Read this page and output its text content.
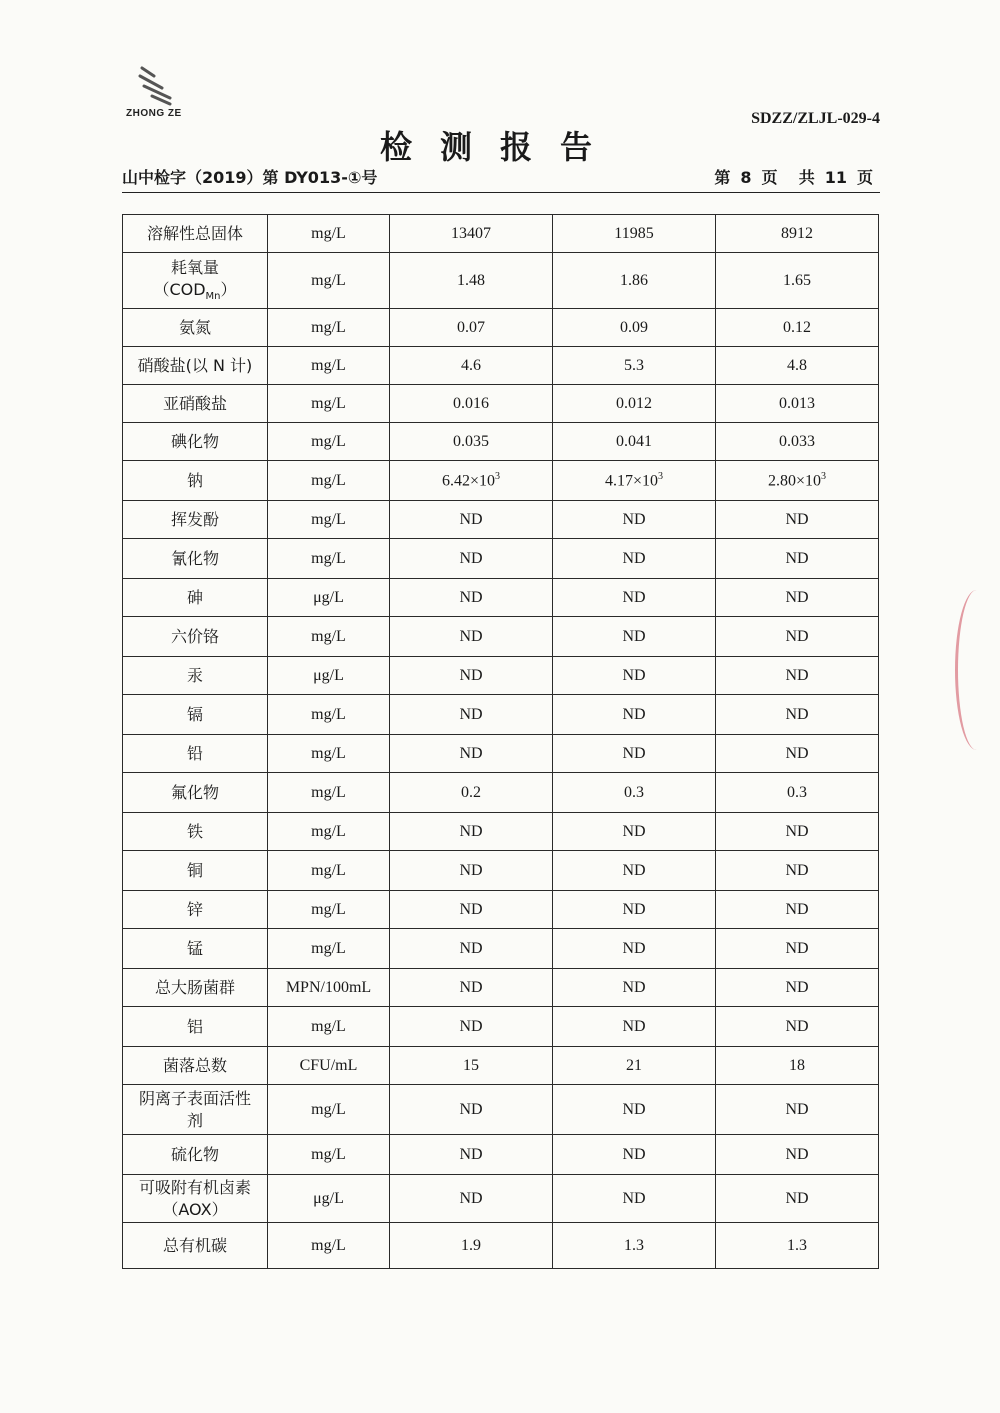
ZHONG ZE	SDZZ/ZLJL-029-4
检测报告
山中检字（2019）第 DY013-①号	第 8 页 共 11 页
溶解性总固体	mg/L	13407	11985	8912

耗氧量
$(COD_{Mn})$	mg/L	1.48	1.86	1.65
氨氮	mg/L	0.07	0.09	0.12
硝酸盐(以 N 计)	mg/L	4.6	5.3	4.8
亚硝酸盐	mg/L	0.016	0.012	0.013
碘化物	mg/L	0.035	0.041	0.033
钠	mg/L	$6.42\times 10^3$	$4.17\times 10^3$	$2.80\times 10^3$
挥发酚	mg/L	ND	ND	ND
氰化物	mg/L	ND	ND	ND
砷	μg/L	ND	ND	ND
六价铬	mg/L	ND	ND	ND
汞	μg/L	ND	ND	ND
镉	mg/L	ND	ND	ND
铅	mg/L	ND	ND	ND
氟化物	mg/L	0.2	0.3	0.3
铁	mg/L	ND	ND	ND
铜	mg/L	ND	ND	ND
锌	mg/L	ND	ND	ND
锰	mg/L	ND	ND	ND
总大肠菌群	MPN/100mL	ND	ND	ND
铝	mg/L	ND	ND	ND
菌落总数	CFU/mL	15	21	18

阴离子表面活性
剂	mg/L	ND	ND	ND
硫化物	mg/L	ND	ND	ND

可吸附有机卤素
（AOX）	μg/L	ND	ND	ND
总有机碳	mg/L	1.9	1.3	1.3
